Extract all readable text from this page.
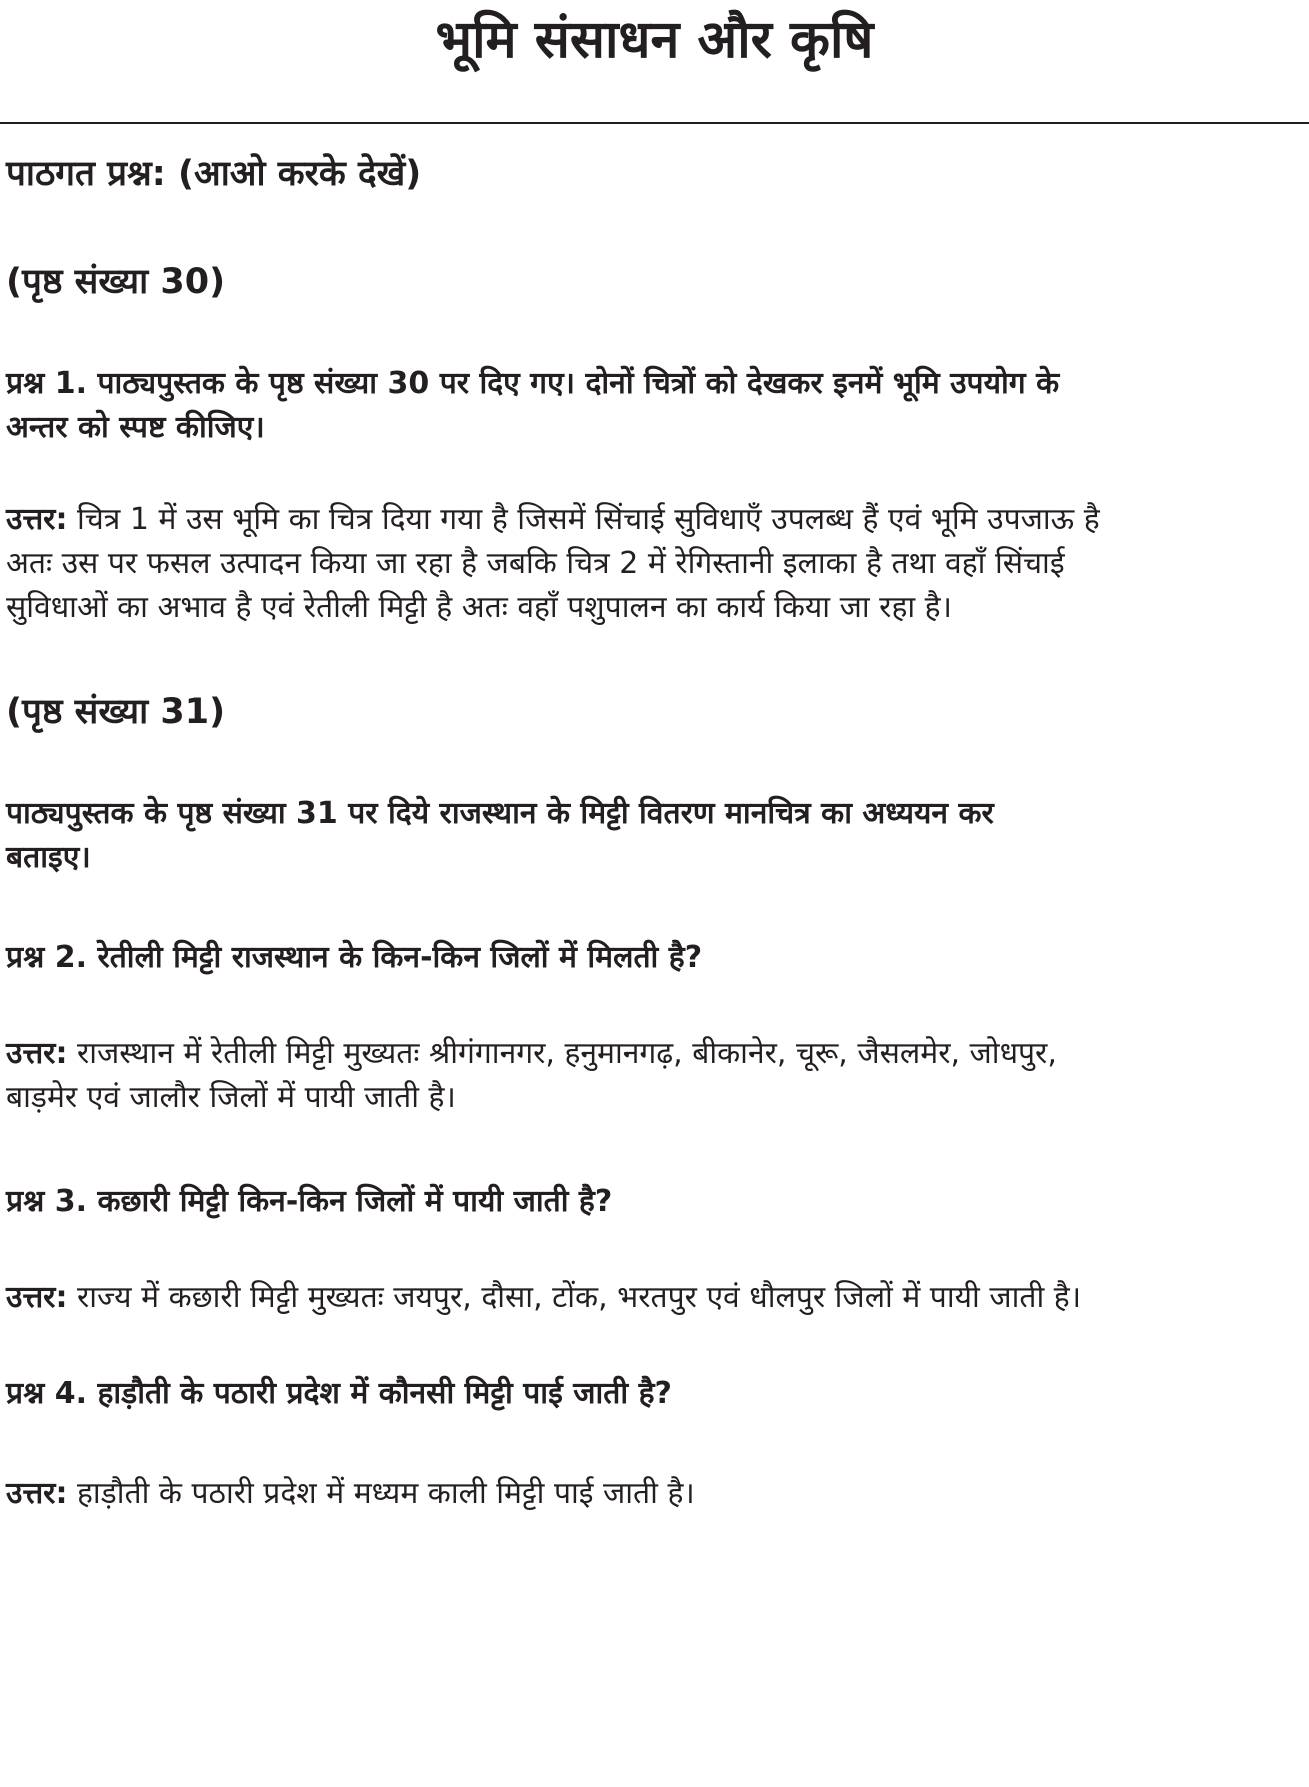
भूमि संसाधन और कृषि
पाठगत प्रश्न: (आओ करके देखें)
(पृष्ठ संख्या 30)

प्रश्न 1. पाठ्यपुस्तक के पृष्ठ संख्या 30 पर दिए गए। दोनों चित्रों को देखकर इनमें भूमि उपयोग के
अन्तर को स्पष्ट कीजिए।

उत्तर: चित्र 1 में उस भूमि का चित्र दिया गया है जिसमें सिंचाई सुविधाएँ उपलब्ध हैं एवं भूमि उपजाऊ है
अतः उस पर फसल उत्पादन किया जा रहा है जबकि चित्र 2 में रेगिस्तानी इलाका है तथा वहाँ सिंचाई
सुविधाओं का अभाव है एवं रेतीली मिट्टी है अतः वहाँ पशुपालन का कार्य किया जा रहा है।

(पृष्ठ संख्या 31)

पाठ्यपुस्तक के पृष्ठ संख्या 31 पर दिये राजस्थान के मिट्टी वितरण मानचित्र का अध्ययन कर
बताइए।

प्रश्न 2. रेतीली मिट्टी राजस्थान के किन-किन जिलों में मिलती है?

उत्तर: राजस्थान में रेतीली मिट्टी मुख्यतः श्रीगंगानगर, हनुमानगढ़, बीकानेर, चूरू, जैसलमेर, जोधपुर,
बाड़मेर एवं जालौर जिलों में पायी जाती है।

प्रश्न 3. कछारी मिट्टी किन-किन जिलों में पायी जाती है?

उत्तर: राज्य में कछारी मिट्टी मुख्यतः जयपुर, दौसा, टोंक, भरतपुर एवं धौलपुर जिलों में पायी जाती है।

प्रश्न 4. हाड़ौती के पठारी प्रदेश में कौनसी मिट्टी पाई जाती है?

उत्तर: हाड़ौती के पठारी प्रदेश में मध्यम काली मिट्टी पाई जाती है।
